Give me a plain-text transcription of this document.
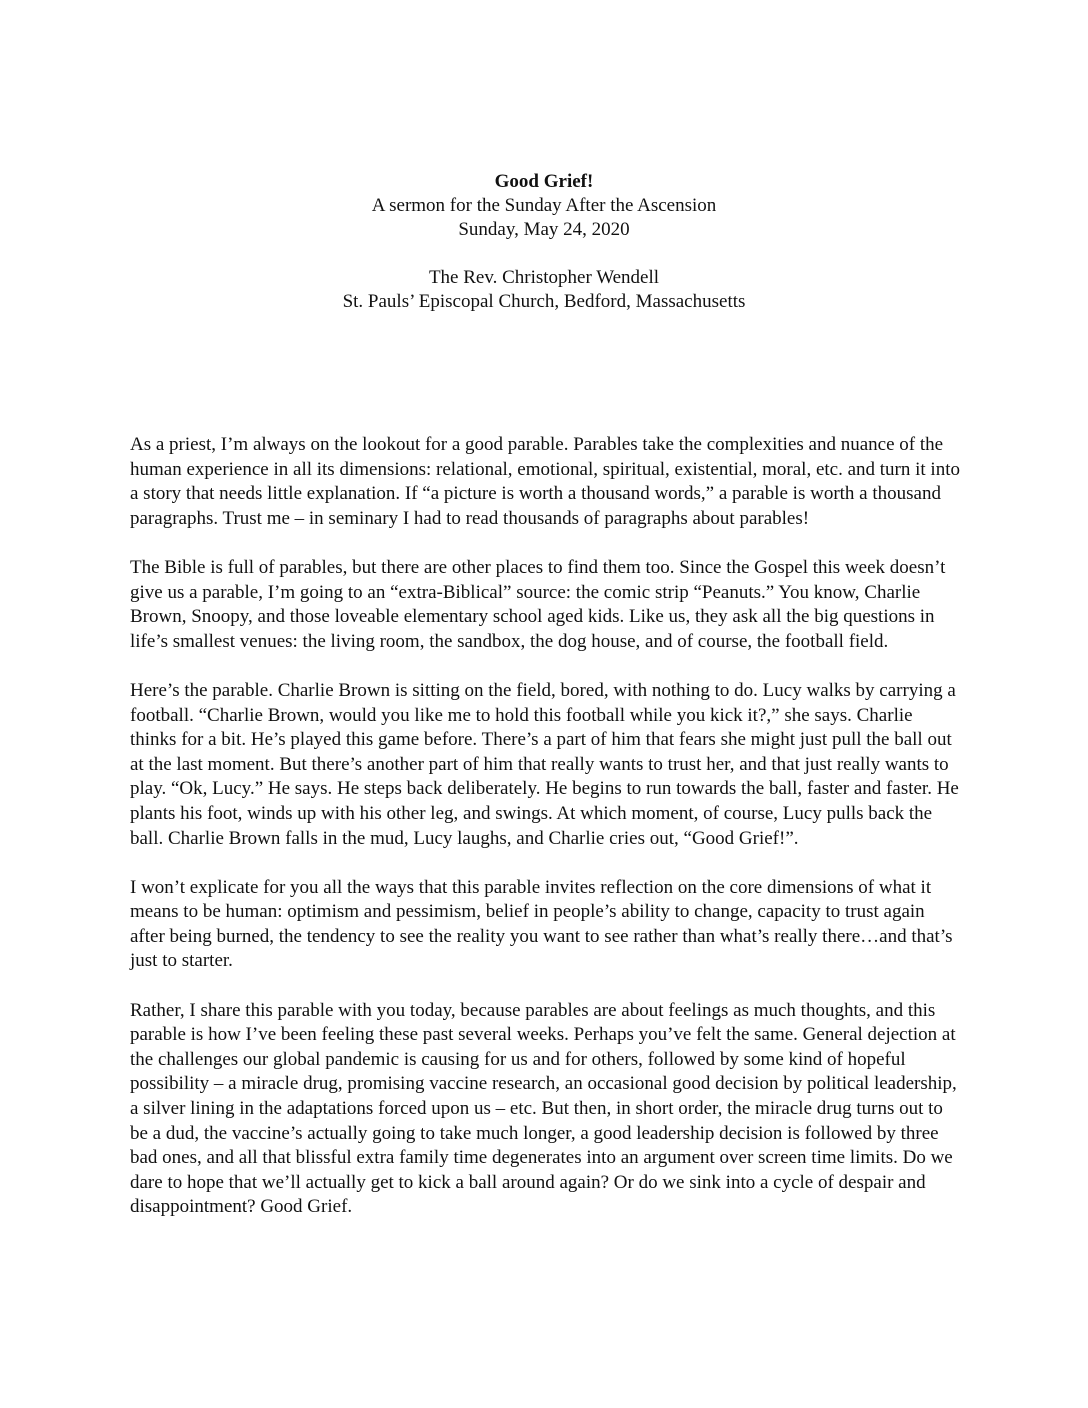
Good Grief!
A sermon for the Sunday After the Ascension
Sunday, May 24, 2020
The Rev. Christopher Wendell
St. Pauls’ Episcopal Church, Bedford, Massachusetts

As a priest, I’m always on the lookout for a good parable. Parables take the complexities and nuance of the human experience in all its dimensions: relational, emotional, spiritual, existential, moral, etc. and turn it into a story that needs little explanation. If “a picture is worth a thousand words,” a parable is worth a thousand paragraphs. Trust me – in seminary I had to read thousands of paragraphs about parables!

The Bible is full of parables, but there are other places to find them too. Since the Gospel this week doesn’t give us a parable, I’m going to an “extra-Biblical” source: the comic strip “Peanuts.” You know, Charlie Brown, Snoopy, and those loveable elementary school aged kids. Like us, they ask all the big questions in life’s smallest venues: the living room, the sandbox, the dog house, and of course, the football field.

Here’s the parable. Charlie Brown is sitting on the field, bored, with nothing to do. Lucy walks by carrying a football. “Charlie Brown, would you like me to hold this football while you kick it?,” she says. Charlie thinks for a bit. He’s played this game before. There’s a part of him that fears she might just pull the ball out at the last moment. But there’s another part of him that really wants to trust her, and that just really wants to play. “Ok, Lucy.” He says. He steps back deliberately. He begins to run towards the ball, faster and faster. He plants his foot, winds up with his other leg, and swings. At which moment, of course, Lucy pulls back the ball. Charlie Brown falls in the mud, Lucy laughs, and Charlie cries out, “Good Grief!”.

I won’t explicate for you all the ways that this parable invites reflection on the core dimensions of what it means to be human: optimism and pessimism, belief in people’s ability to change, capacity to trust again after being burned, the tendency to see the reality you want to see rather than what’s really there…and that’s just to starter.

Rather, I share this parable with you today, because parables are about feelings as much thoughts, and this parable is how I’ve been feeling these past several weeks. Perhaps you’ve felt the same. General dejection at the challenges our global pandemic is causing for us and for others, followed by some kind of hopeful possibility – a miracle drug, promising vaccine research, an occasional good decision by political leadership, a silver lining in the adaptations forced upon us – etc. But then, in short order, the miracle drug turns out to be a dud, the vaccine’s actually going to take much longer, a good leadership decision is followed by three bad ones, and all that blissful extra family time degenerates into an argument over screen time limits. Do we dare to hope that we’ll actually get to kick a ball around again? Or do we sink into a cycle of despair and disappointment? Good Grief.
